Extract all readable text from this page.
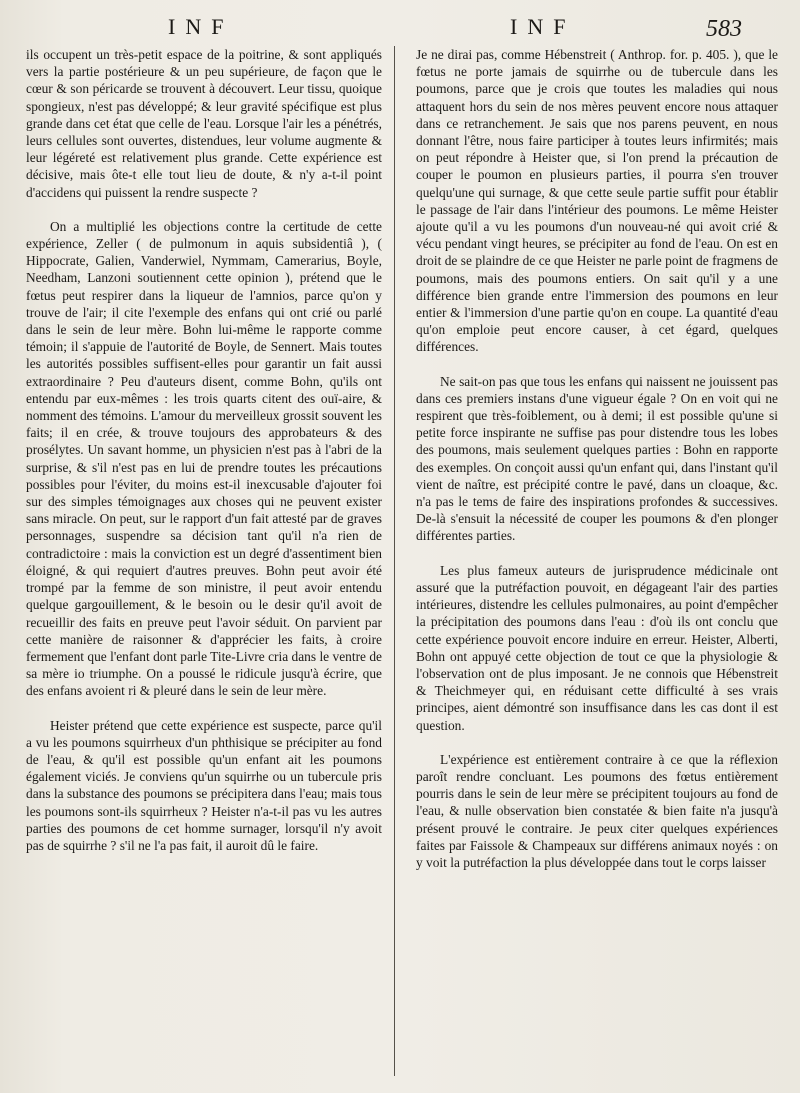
INF	INF	583

ils occupent un très-petit espace de la poitrine, & sont appliqués vers la partie postérieure & un peu supérieure, de façon que le cœur & son péricarde se trouvent à découvert. Leur tissu, quoique spongieux, n'est pas développé; & leur gravité spécifique est plus grande dans cet état que celle de l'eau. Lorsque l'air les a pénétrés, leurs cellules sont ouvertes, distendues, leur volume augmente & leur légéreté est relativement plus grande. Cette expérience est décisive, mais ôte-t elle tout lieu de doute, & n'y a-t-il point d'accidens qui puissent la rendre suspecte ?

On a multiplié les objections contre la certitude de cette expérience, Zeller ( de pulmonum in aquis subsidentiâ ), ( Hippocrate, Galien, Vanderwiel, Nymmam, Camerarius, Boyle, Needham, Lanzoni soutiennent cette opinion ), prétend que le fœtus peut respirer dans la liqueur de l'amnios, parce qu'on y trouve de l'air; il cite l'exemple des enfans qui ont crié ou parlé dans le sein de leur mère. Bohn lui-même le rapporte comme témoin; il s'appuie de l'autorité de Boyle, de Sennert. Mais toutes les autorités possibles suffisent-elles pour garantir un fait aussi extraordinaire ? Peu d'auteurs disent, comme Bohn, qu'ils ont entendu par eux-mêmes : les trois quarts citent des ouï-aire, & nomment des témoins. L'amour du merveilleux grossit souvent les faits; il en crée, & trouve toujours des approbateurs & des prosélytes. Un savant homme, un physicien n'est pas à l'abri de la surprise, & s'il n'est pas en lui de prendre toutes les précautions possibles pour l'éviter, du moins est-il inexcusable d'ajouter foi sur des simples témoignages aux choses qui ne peuvent exister sans miracle. On peut, sur le rapport d'un fait attesté par de graves personnages, suspendre sa décision tant qu'il n'a rien de contradictoire : mais la conviction est un degré d'assentiment bien éloigné, & qui requiert d'autres preuves. Bohn peut avoir été trompé par la femme de son ministre, il peut avoir entendu quelque gargouillement, & le besoin ou le desir qu'il avoit de recueillir des faits en preuve peut l'avoir séduit. On parvient par cette manière de raisonner & d'apprécier les faits, à croire fermement que l'enfant dont parle Tite-Livre cria dans le ventre de sa mère io triumphe. On a poussé le ridicule jusqu'à écrire, que des enfans avoient ri & pleuré dans le sein de leur mère.

Heister prétend que cette expérience est suspecte, parce qu'il a vu les poumons squirrheux d'un phthisique se précipiter au fond de l'eau, & qu'il est possible qu'un enfant ait les poumons également viciés. Je conviens qu'un squirrhe ou un tubercule pris dans la substance des poumons se précipitera dans l'eau; mais tous les poumons sont-ils squirrheux ? Heister n'a-t-il pas vu les autres parties des poumons de cet homme surnager, lorsqu'il n'y avoit pas de squirrhe ? s'il ne l'a pas fait, il auroit dû le faire.

Je ne dirai pas, comme Hébenstreit ( Anthrop. for. p. 405. ), que le fœtus ne porte jamais de squirrhe ou de tubercule dans les poumons, parce que je crois que toutes les maladies qui nous attaquent hors du sein de nos mères peuvent encore nous attaquer dans ce retranchement. Je sais que nos parens peuvent, en nous donnant l'être, nous faire participer à toutes leurs infirmités; mais on peut répondre à Heister que, si l'on prend la précaution de couper le poumon en plusieurs parties, il pourra s'en trouver quelqu'une qui surnage, & que cette seule partie suffit pour établir le passage de l'air dans l'intérieur des poumons. Le même Heister ajoute qu'il a vu les poumons d'un nouveau-né qui avoit crié & vécu pendant vingt heures, se précipiter au fond de l'eau. On est en droit de se plaindre de ce que Heister ne parle point de fragmens de poumons, mais des poumons entiers. On sait qu'il y a une différence bien grande entre l'immersion des poumons en leur entier & l'immersion d'une partie qu'on en coupe. La quantité d'eau qu'on emploie peut encore causer, à cet égard, quelques différences.

Ne sait-on pas que tous les enfans qui naissent ne jouissent pas dans ces premiers instans d'une vigueur égale ? On en voit qui ne respirent que très-foiblement, ou à demi; il est possible qu'une si petite force inspirante ne suffise pas pour distendre tous les lobes des poumons, mais seulement quelques parties : Bohn en rapporte des exemples. On conçoit aussi qu'un enfant qui, dans l'instant qu'il vient de naître, est précipité contre le pavé, dans un cloaque, &c. n'a pas le tems de faire des inspirations profondes & successives. De-là s'ensuit la nécessité de couper les poumons & d'en plonger différentes parties.

Les plus fameux auteurs de jurisprudence médicinale ont assuré que la putréfaction pouvoit, en dégageant l'air des parties intérieures, distendre les cellules pulmonaires, au point d'empêcher la précipitation des poumons dans l'eau : d'où ils ont conclu que cette expérience pouvoit encore induire en erreur. Heister, Alberti, Bohn ont appuyé cette objection de tout ce que la physiologie & l'observation ont de plus imposant. Je ne connois que Hébenstreit & Theichmeyer qui, en réduisant cette difficulté à ses vrais principes, aient démontré son insuffisance dans les cas dont il est question.

L'expérience est entièrement contraire à ce que la réflexion paroît rendre concluant. Les poumons des fœtus entièrement pourris dans le sein de leur mère se précipitent toujours au fond de l'eau, & nulle observation bien constatée & bien faite n'a jusqu'à présent prouvé le contraire. Je peux citer quelques expériences faites par Faissole & Champeaux sur différens animaux noyés : on y voit la putréfaction la plus développée dans tout le corps laisser
